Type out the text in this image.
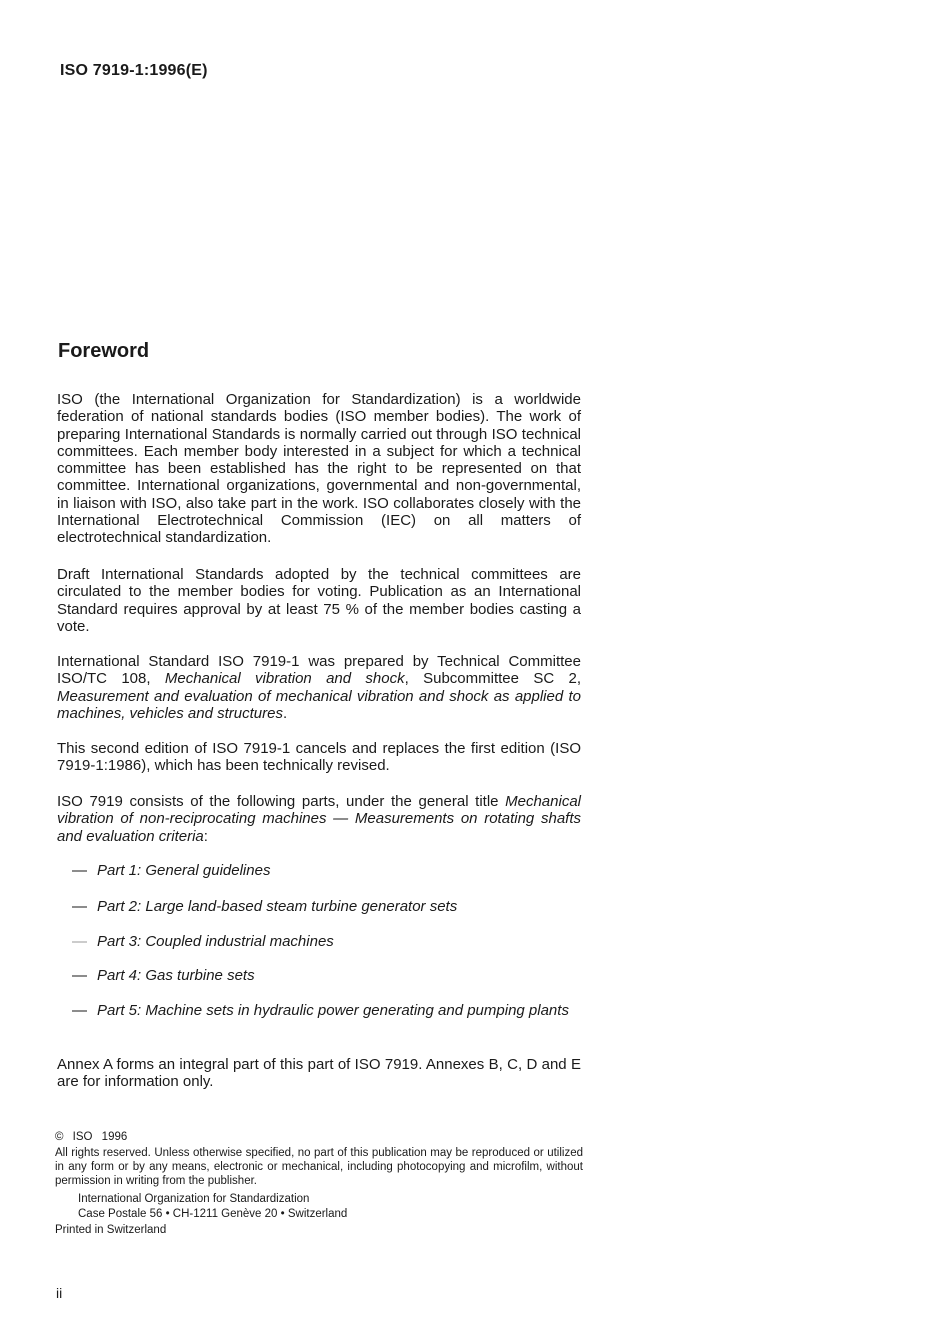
ISO 7919-1:1996(E)
Foreword

ISO (the International Organization for Standardization) is a worldwide federation of national standards bodies (ISO member bodies). The work of preparing International Standards is normally carried out through ISO technical committees. Each member body interested in a subject for which a technical committee has been established has the right to be represented on that committee. International organizations, governmental and non-governmental, in liaison with ISO, also take part in the work. ISO collaborates closely with the International Electrotechnical Commission (IEC) on all matters of electrotechnical standardization.

Draft International Standards adopted by the technical committees are circulated to the member bodies for voting. Publication as an International Standard requires approval by at least 75 % of the member bodies casting a vote.

International Standard ISO 7919-1 was prepared by Technical Committee ISO/TC 108, Mechanical vibration and shock, Subcommittee SC 2, Measurement and evaluation of mechanical vibration and shock as applied to machines, vehicles and structures.

This second edition of ISO 7919-1 cancels and replaces the first edition (ISO 7919-1:1986), which has been technically revised.

ISO 7919 consists of the following parts, under the general title Mechanical vibration of non-reciprocating machines — Measurements on rotating shafts and evaluation criteria:

— Part 1: General guidelines
— Part 2: Large land-based steam turbine generator sets
— Part 3: Coupled industrial machines
— Part 4: Gas turbine sets
— Part 5: Machine sets in hydraulic power generating and pumping plants

Annex A forms an integral part of this part of ISO 7919. Annexes B, C, D and E are for information only.

© ISO 1996
All rights reserved. Unless otherwise specified, no part of this publication may be reproduced or utilized in any form or by any means, electronic or mechanical, including photocopying and microfilm, without permission in writing from the publisher.
International Organization for Standardization
Case Postale 56 • CH-1211 Genève 20 • Switzerland
Printed in Switzerland
ii
